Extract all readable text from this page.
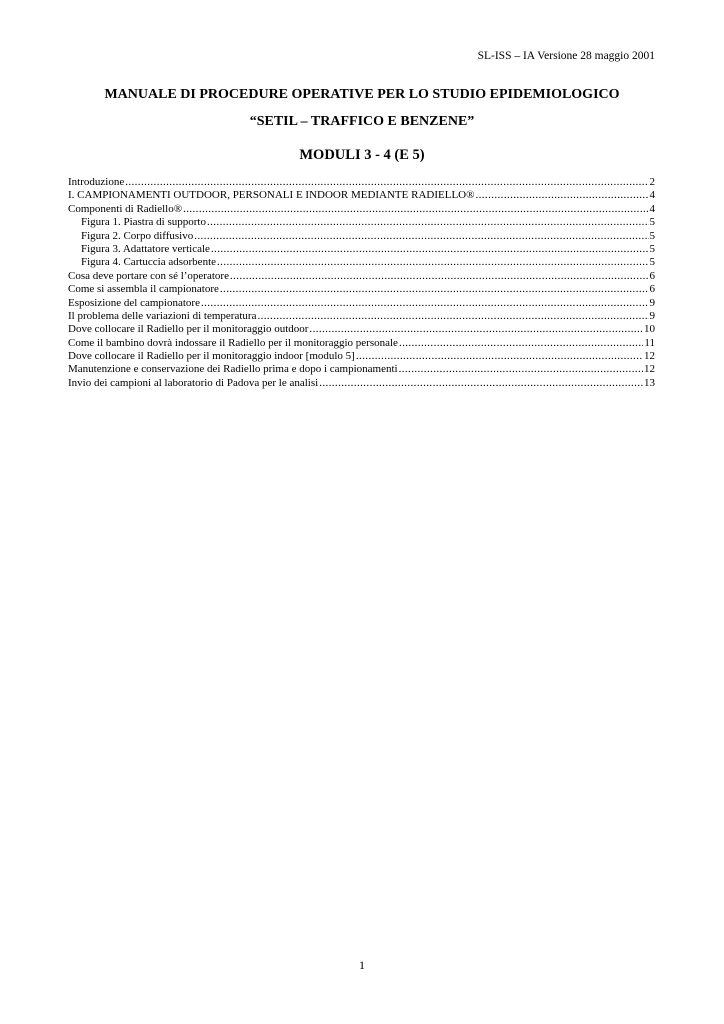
SL-ISS – IA Versione 28 maggio 2001
MANUALE DI PROCEDURE OPERATIVE PER LO STUDIO EPIDEMIOLOGICO
“SETIL – TRAFFICO E BENZENE”
MODULI 3 - 4 (E 5)
Introduzione .....	2
I. CAMPIONAMENTI OUTDOOR, PERSONALI E INDOOR MEDIANTE RADIELLO® .....	4
Componenti di Radiello® .....	4
Figura 1. Piastra di supporto .....	5
Figura 2. Corpo diffusivo .....	5
Figura 3. Adattatore verticale .....	5
Figura 4. Cartuccia adsorbente .....	5
Cosa deve portare con sé l’operatore .....	6
Come si assembla il campionatore .....	6
Esposizione del campionatore .....	9
Il problema delle variazioni di temperatura .....	9
Dove collocare il Radiello per il monitoraggio outdoor .....	10
Come il bambino dovrà indossare il Radiello per il monitoraggio personale .....	11
Dove collocare il Radiello per il monitoraggio indoor [modulo 5] .....	12
Manutenzione e conservazione dei Radiello prima e dopo i campionamenti .....	12
Invio dei campioni al laboratorio di Padova per le analisi .....	13
1
